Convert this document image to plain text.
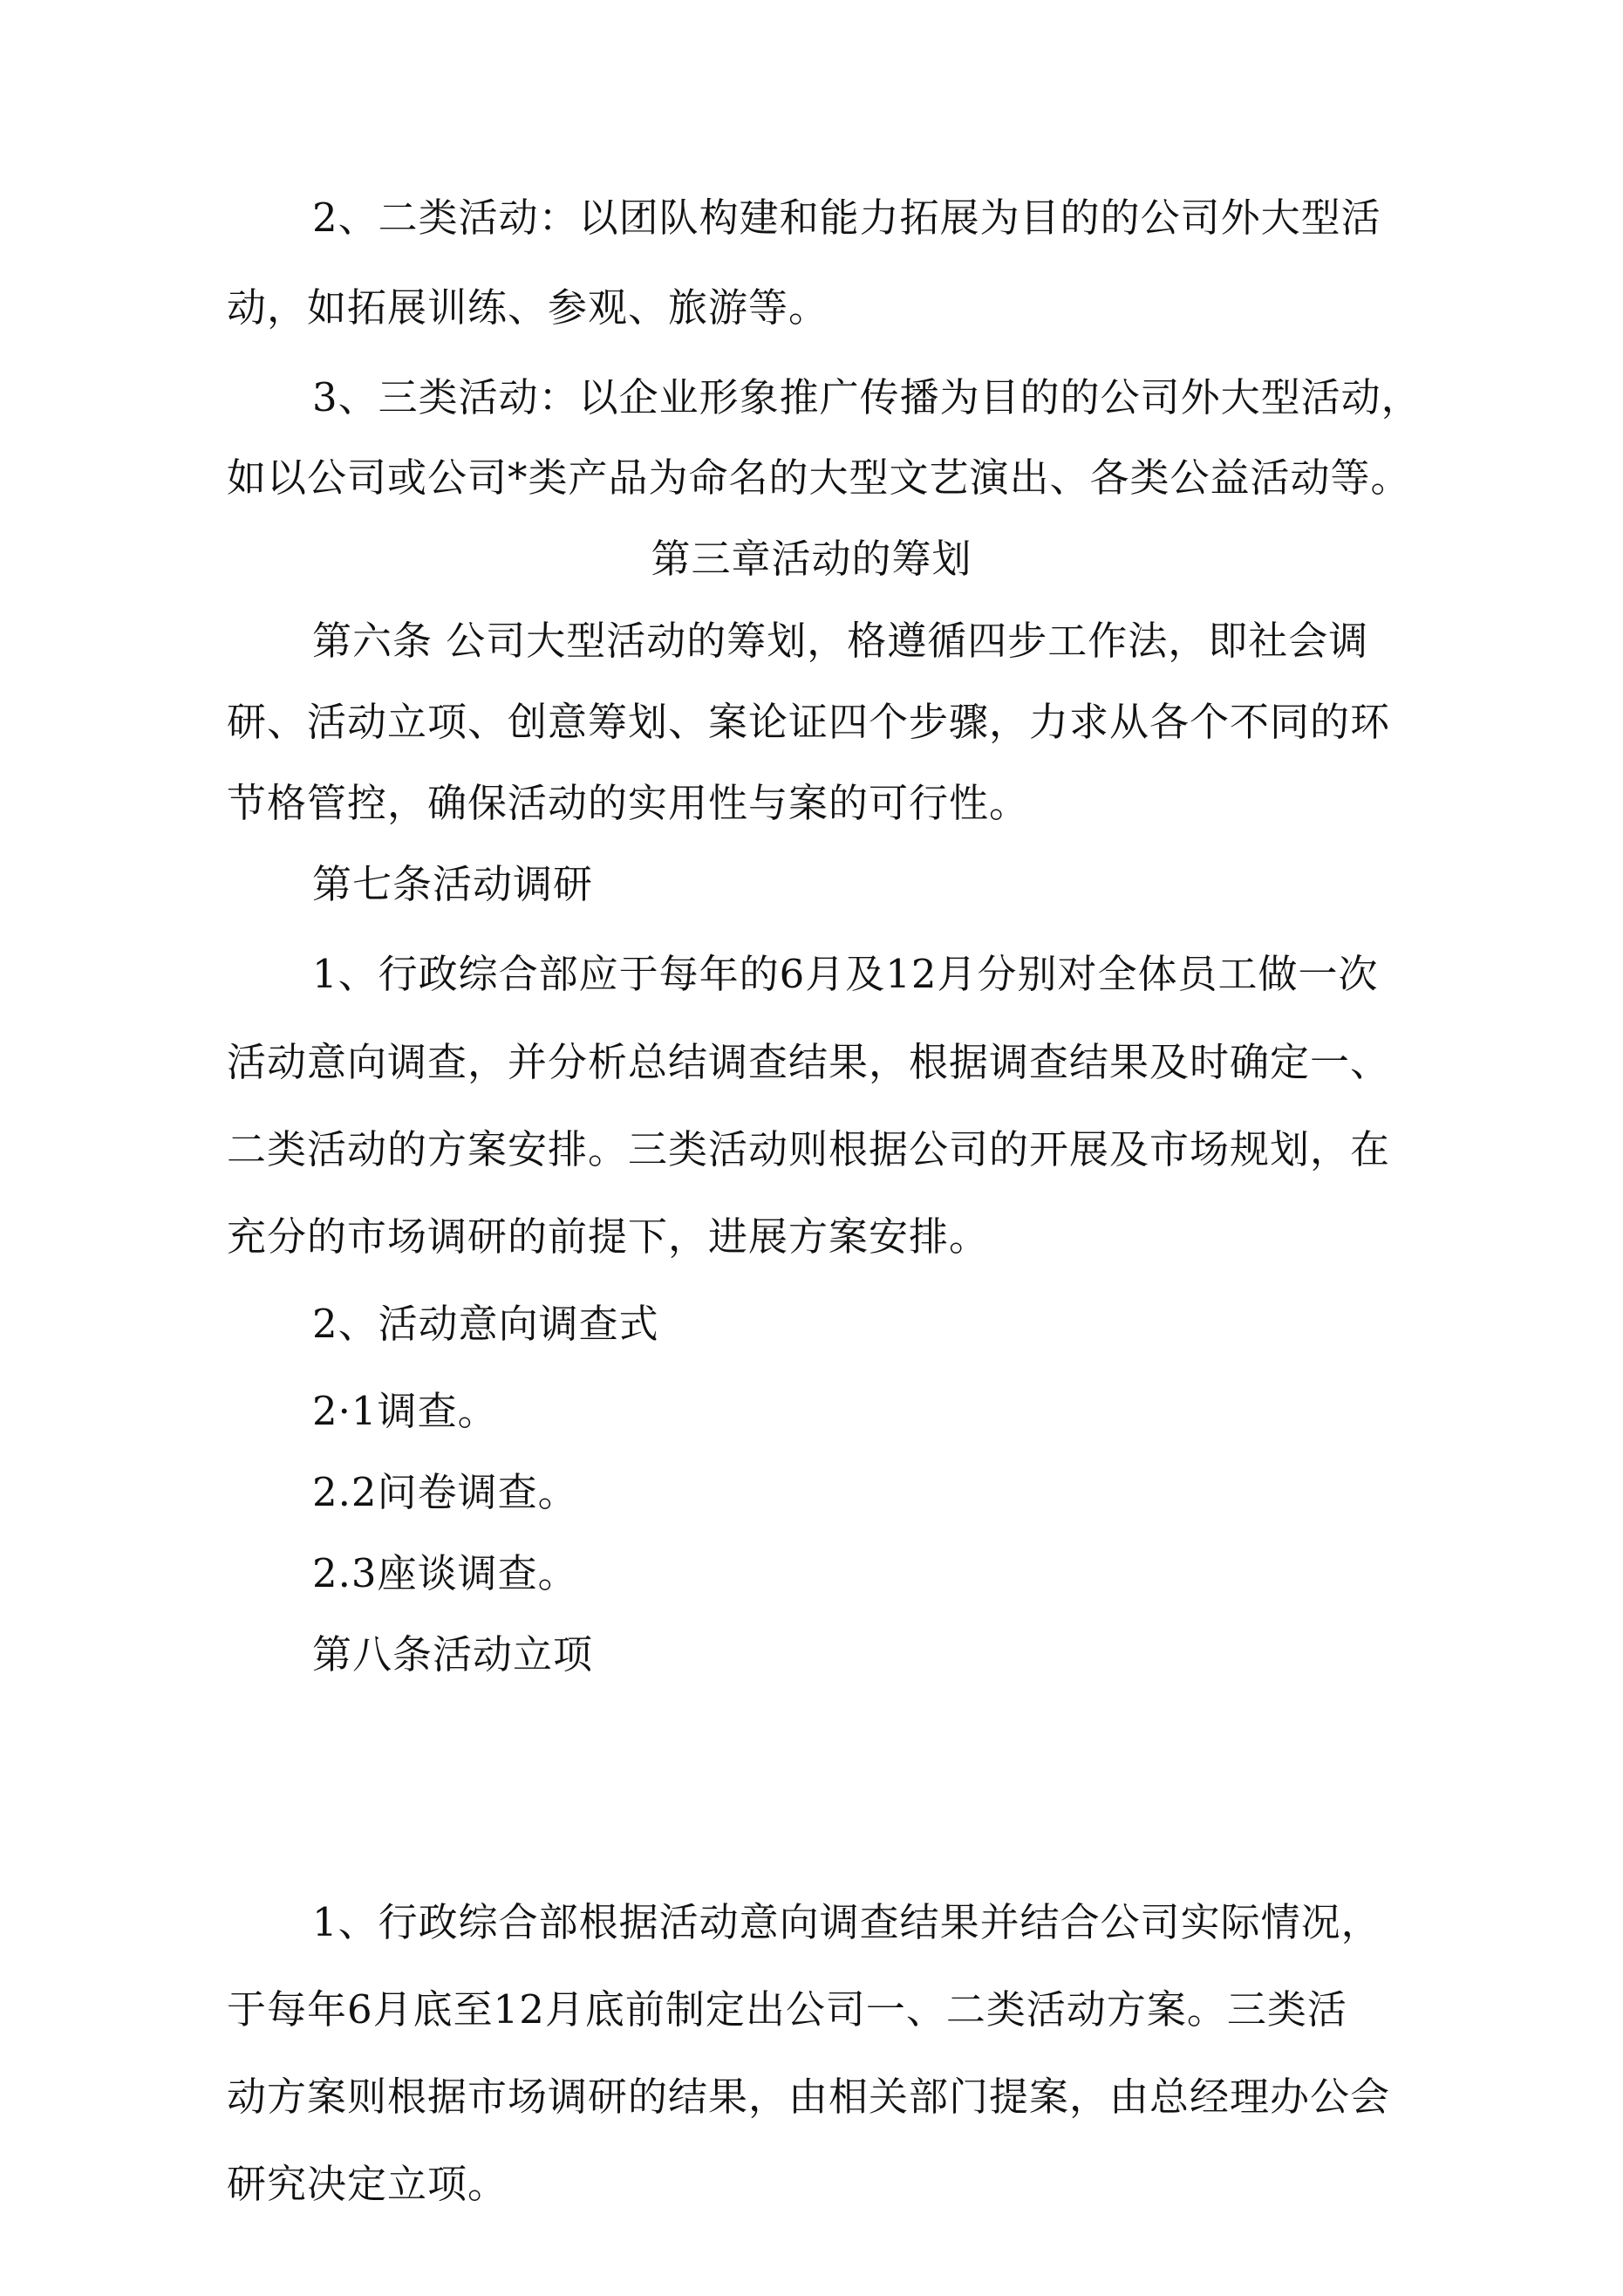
2、二类活动：以团队构建和能力拓展为目的的公司外大型活
动，如拓展训练、参观、旅游等。
3、三类活动：以企业形象推广传播为目的的公司外大型活动，
如以公司或公司*类产品为命名的大型文艺演出、各类公益活动等。
第三章活动的筹划
第六条 公司大型活动的筹划，格遵循四步工作法，即社会调
研、活动立项、创意筹划、案论证四个步骤，力求从各个不同的环
节格管控，确保活动的实用性与案的可行性。
第七条活动调研
1、行政综合部应于每年的6月及12月分别对全体员工做一次
活动意向调查，并分析总结调查结果，根据调查结果及时确定一、
二类活动的方案安排。三类活动则根据公司的开展及市场规划，在
充分的市场调研的前提下，进展方案安排。
2、活动意向调查式
2·1调查。
2.2问卷调查。
2.3座谈调查。
第八条活动立项
1、行政综合部根据活动意向调查结果并结合公司实际情况，
于每年6月底至12月底前制定出公司一、二类活动方案。三类活
动方案则根据市场调研的结果，由相关部门提案，由总经理办公会
研究决定立项。
